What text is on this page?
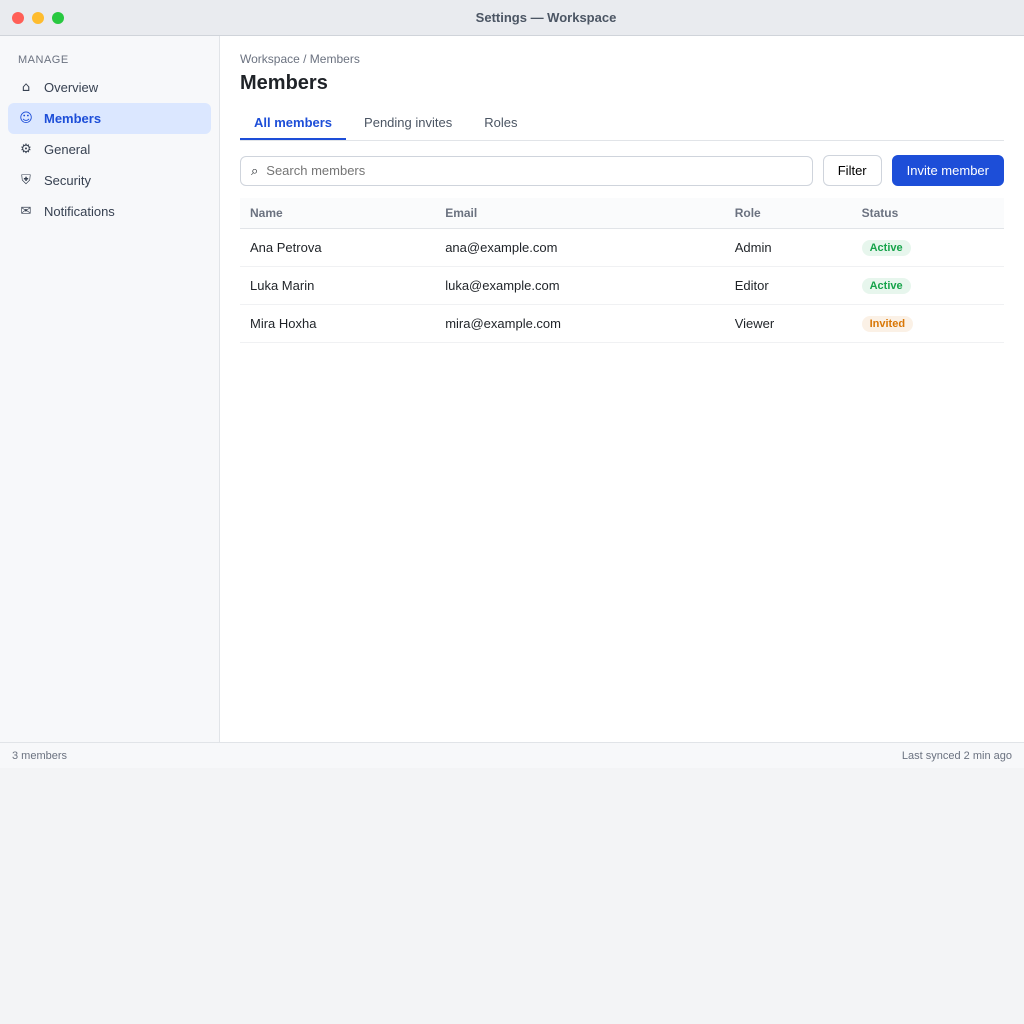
Settings — Workspace
MANAGE
⌂ Overview
☺ Members
⚙ General
⛨ Security
✉ Notifications
Workspace / Members
Members
All members	Pending invites	Roles
⌕
Search members	Filter	Invite member
Name	Email	Role	Status
Ana Petrova	ana@example.com	Admin	Active
Luka Marin	luka@example.com	Editor	Active
Mira Hoxha	mira@example.com	Viewer	Invited
3 members	Last synced 2 min ago
